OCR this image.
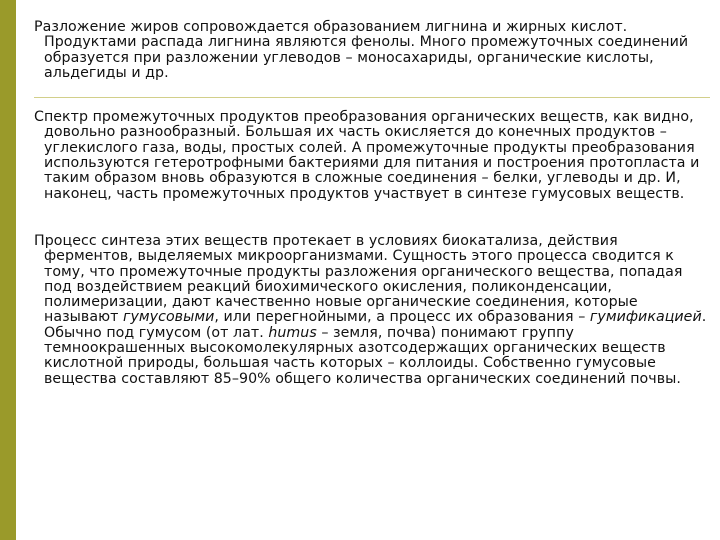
Разложение жиров сопровождается образованием лигнина и жирных кислот. Продуктами распада лигнина являются фенолы. Много промежуточных соединений образуется при разложении углеводов – моносахариды, органические кислоты, альдегиды и др.

Спектр промежуточных продуктов преобразования органических веществ, как видно, довольно разнообразный. Большая их часть окисляется до конечных продуктов – углекислого газа, воды, простых солей. А промежуточные продукты преобразования используются гетеротрофными бактериями для питания и построения протопласта и таким образом вновь образуются в сложные соединения – белки, углеводы и др. И, наконец, часть промежуточных продуктов участвует в синтезе гумусовых веществ.

Процесс синтеза этих веществ протекает в условиях биокатализа, действия ферментов, выделяемых микроорганизмами. Сущность этого процесса сводится к тому, что промежуточные продукты разложения органического вещества, попадая под воздействием реакций биохимического окисления, поликонденсации, полимеризации, дают качественно новые органические соединения, которые называют гумусовыми, или перегнойными, а процесс их образования – гумификацией. Обычно под гумусом (от лат. humus – земля, почва) понимают группу темноокрашенных высокомолекулярных азотсодержащих органических веществ кислотной природы, большая часть которых – коллоиды. Собственно гумусовые вещества составляют 85–90% общего количества органических соединений почвы.
